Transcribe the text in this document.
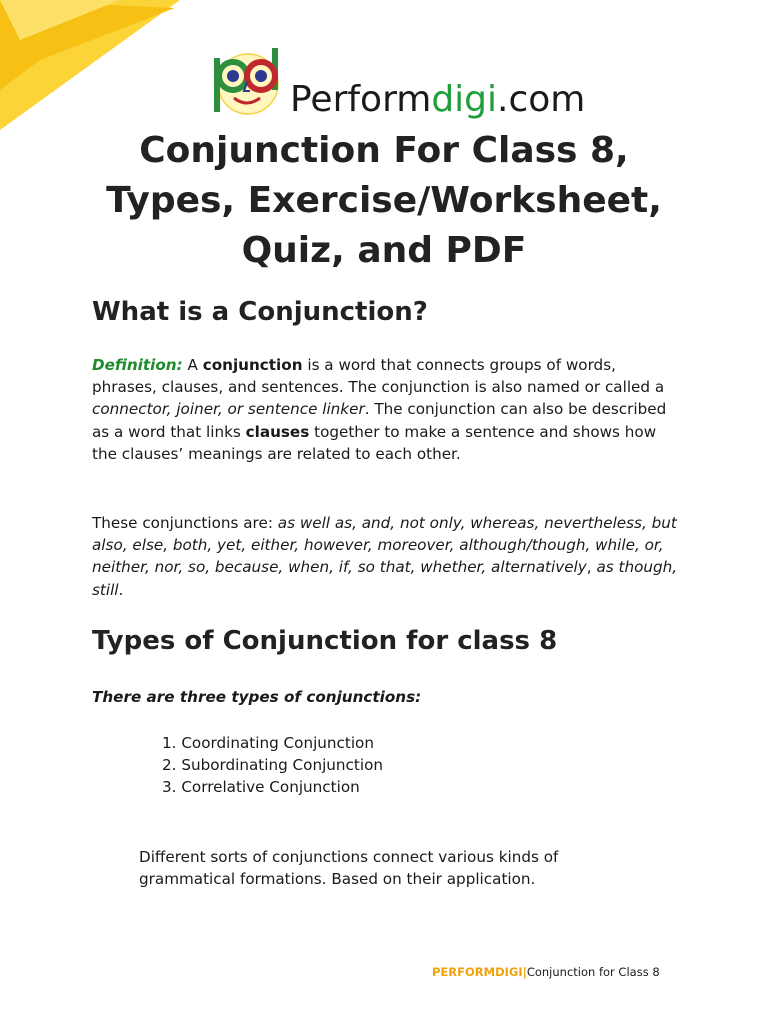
Performdigi.com
Conjunction For Class 8,
Types, Exercise/Worksheet,
Quiz, and PDF
What is a Conjunction?

Definition: A conjunction is a word that connects groups of words, phrases, clauses, and sentences. The conjunction is also named or called a connector, joiner, or sentence linker. The conjunction can also be described as a word that links clauses together to make a sentence and shows how the clauses’ meanings are related to each other.

These conjunctions are: as well as, and, not only, whereas, nevertheless, but also, else, both, yet, either, however, moreover, although/though, while, or, neither, nor, so, because, when, if, so that, whether, alternatively, as though, still.

Types of Conjunction for class 8

There are three types of conjunctions:

1. Coordinating Conjunction
2. Subordinating Conjunction
3. Correlative Conjunction

Different sorts of conjunctions connect various kinds of grammatical formations. Based on their application.

PERFORMDIGI|Conjunction for Class 8
